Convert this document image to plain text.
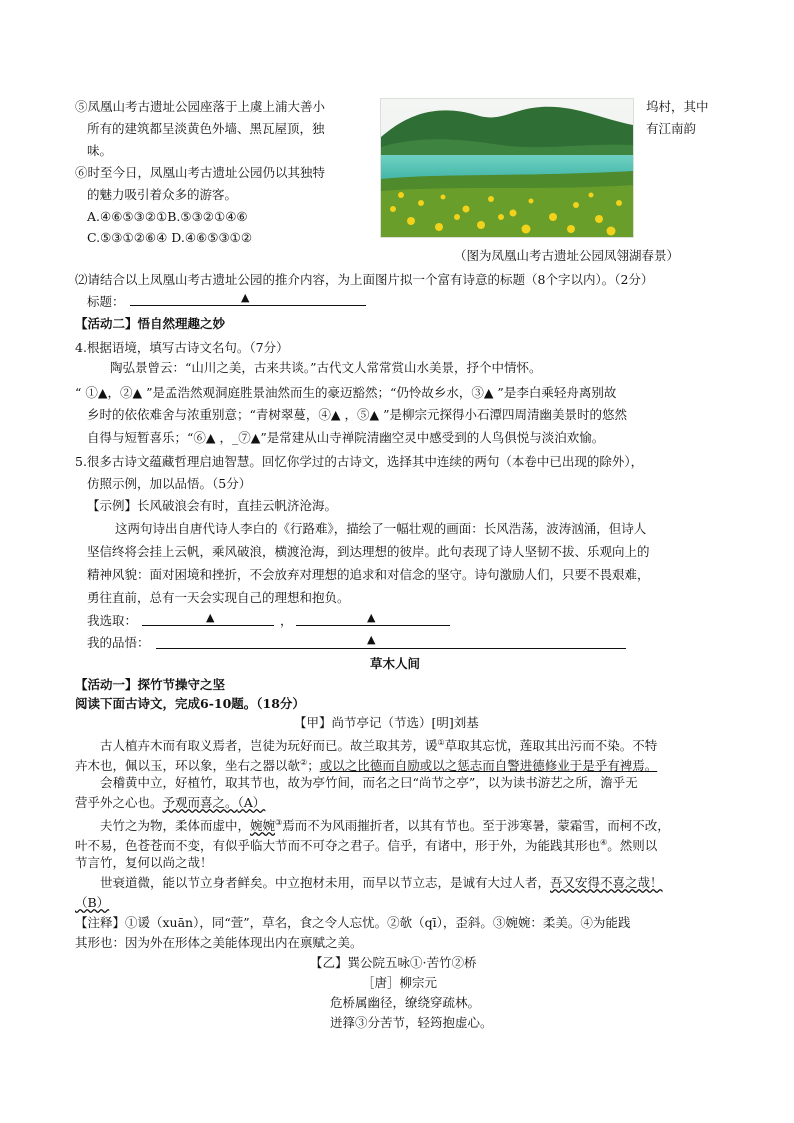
⑤凤凰山考古遗址公园座落于上虞上浦大善小	坞村，其中
所有的建筑都呈淡黄色外墙、黑瓦屋顶，独	有江南韵
味。
⑥时至今日，凤凰山考古遗址公园仍以其独特
的魅力吸引着众多的游客。
A.④⑥⑤③②①B.⑤③②①④⑥
C.⑤③①②⑥④ D.④⑥⑤③①②
（图为凤凰山考古遗址公园凤翎湖春景）
⑵请结合以上凤凰山考古遗址公园的推介内容，为上面图片拟一个富有诗意的标题（8个字以内）。（2分）
标题：	▲
【活动二】悟自然理趣之妙
4.根据语境，填写古诗文名句。（7分）
陶弘景曾云：“山川之美，古来共谈。”古代文人常常赏山水美景，抒个中情怀。
“ ①▲，②▲ ”是孟浩然观洞庭胜景油然而生的豪迈豁然；“仍怜故乡水，③▲ ”是李白乘轻舟离别故
乡时的依依难舍与浓重别意；“青树翠蔓，④▲ ，⑤▲ ”是柳宗元探得小石潭四周清幽美景时的悠然
自得与短暂喜乐；“⑥▲ ，_⑦▲”是常建从山寺禅院清幽空灵中感受到的人鸟俱悦与淡泊欢愉。
5.很多古诗文蕴藏哲理启迪智慧。回忆你学过的古诗文，选择其中连续的两句（本卷中已出现的除外），
仿照示例，加以品悟。（5分）
【示例】长风破浪会有时，直挂云帆济沧海。
这两句诗出自唐代诗人李白的《行路难》，描绘了一幅壮观的画面：长风浩荡，波涛汹涌，但诗人
坚信终将会挂上云帆，乘风破浪，横渡沧海，到达理想的彼岸。此句表现了诗人坚韧不拔、乐观向上的
精神风貌：面对困境和挫折，不会放弃对理想的追求和对信念的坚守。诗句激励人们，只要不畏艰难，
勇往直前，总有一天会实现自己的理想和抱负。
我选取：	▲	，	▲
我的品悟：	▲
草木人间
【活动一】探竹节操守之坚
阅读下面古诗文，完成6-10题。（18分）
【甲】尚节亭记（节选）[明]刘基
古人植卉木而有取义焉者，岂徒为玩好而已。故兰取其芳，谖①草取其忘忧，莲取其出污而不染。不特
卉木也，佩以玉，环以象，坐右之器以欹②；或以之比德而自励或以之惩志而自警进德修业于是乎有裨焉。
会稽黄中立，好植竹，取其节也，故为亭竹间，而名之曰“尚节之亭”，以为读书游艺之所，澹乎无
营乎外之心也。予观而喜之。（A）
夫竹之为物，柔体而虚中，婉婉③焉而不为风雨摧折者，以其有节也。至于涉寒暑，蒙霜雪，而柯不改，
叶不易，色苍苍而不变，有似乎临大节而不可夺之君子。信乎，有诸中，形于外，为能践其形也④。然则以
节言竹，复何以尚之哉！
世衰道微，能以节立身者鲜矣。中立抱材未用，而早以节立志，是诚有大过人者，吾又安得不喜之哉！
（B）
【注释】①谖（xuān），同“萱”，草名，食之令人忘忧。②欹（qī），歪斜。③婉婉：柔美。④为能践
其形也：因为外在形体之美能体现出内在禀赋之美。
【乙】巽公院五咏①·苦竹②桥
［唐］柳宗元
危桥属幽径，缭绕穿疏林。
迸箨③分苦节，轻筠抱虚心。
